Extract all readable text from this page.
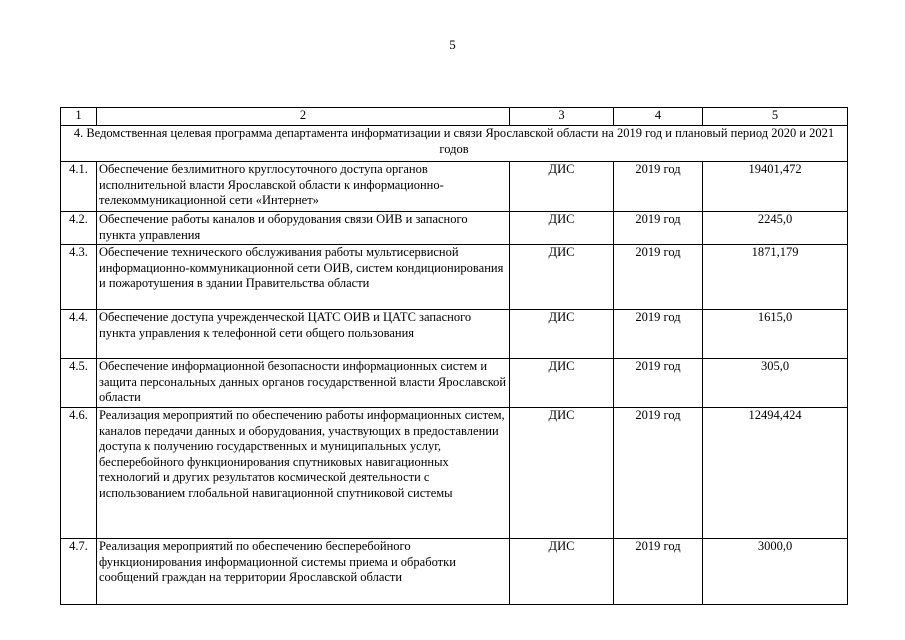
5
1	2	3	4	5
4. Ведомственная целевая программа департамента информатизации и связи Ярославской области на 2019 год и плановый период 2020 и 2021 годов				
4.1.	Обеспечение безлимитного круглосуточного доступа органов исполнительной власти Ярославской области к информационно-телекоммуникационной сети «Интернет»	ДИС	2019 год	19401,472
4.2.	Обеспечение работы каналов и оборудования связи ОИВ и запасного пункта управления	ДИС	2019 год	2245,0
4.3.	Обеспечение технического обслуживания работы мультисервисной информационно-коммуникационной сети ОИВ, систем кондиционирования и пожаротушения в здании Правительства области	ДИС	2019 год	1871,179
4.4.	Обеспечение доступа учрежденческой ЦАТС ОИВ и ЦАТС запасного пункта управления к телефонной сети общего пользования	ДИС	2019 год	1615,0
4.5.	Обеспечение информационной безопасности информационных систем и защита персональных данных органов государственной власти Ярославской области	ДИС	2019 год	305,0
4.6.	Реализация мероприятий по обеспечению работы информационных систем, каналов передачи данных и оборудования, участвующих в предоставлении доступа к получению государственных и муниципальных услуг, бесперебойного функционирования спутниковых навигационных технологий и других результатов космической деятельности с использованием глобальной навигационной спутниковой системы	ДИС	2019 год	12494,424
4.7.	Реализация мероприятий по обеспечению бесперебойного функционирования информационной системы приема и обработки сообщений граждан на территории Ярославской области	ДИС	2019 год	3000,0
